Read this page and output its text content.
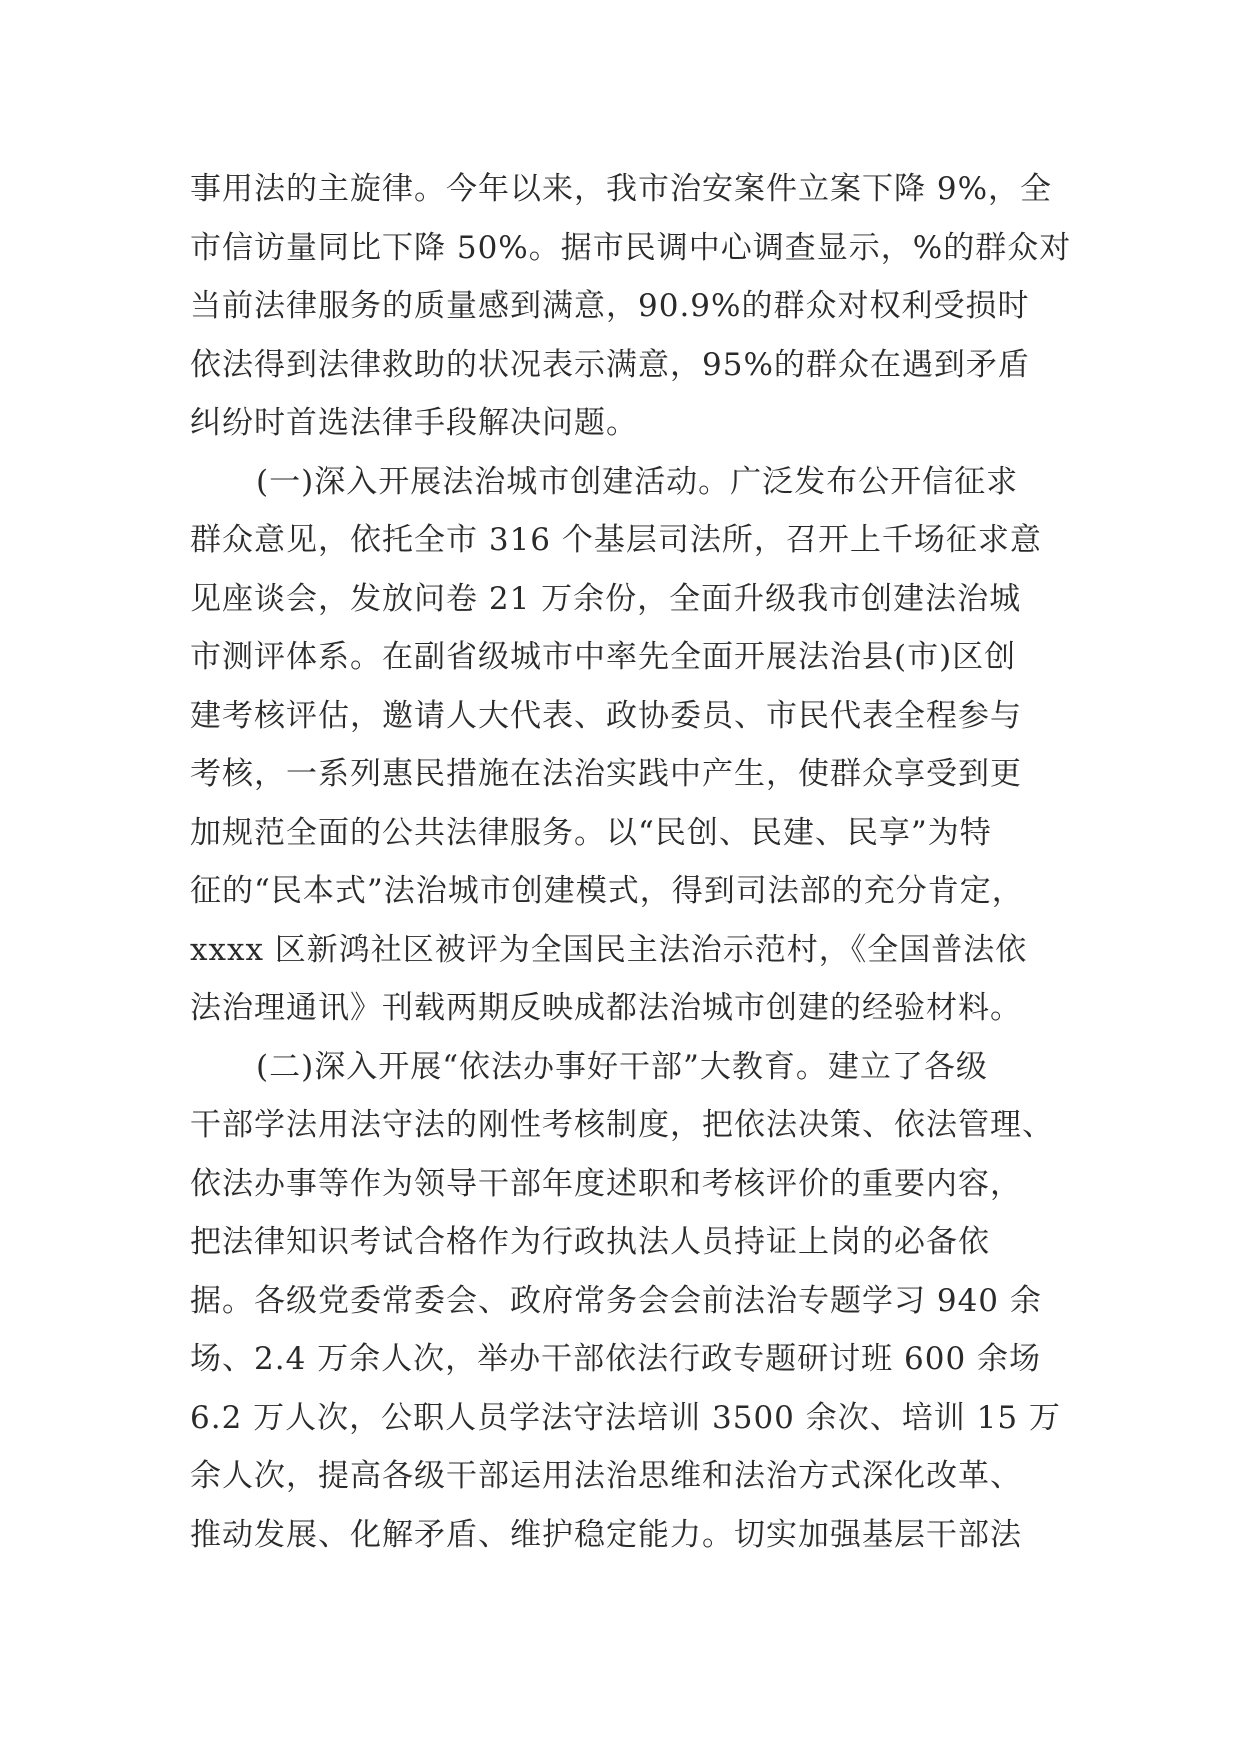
事用法的主旋律。今年以来，我市治安案件立案下降 9%，全
市信访量同比下降 50%。据市民调中心调查显示，%的群众对
当前法律服务的质量感到满意，90.9%的群众对权利受损时
依法得到法律救助的状况表示满意，95%的群众在遇到矛盾
纠纷时首选法律手段解决问题。
(一)深入开展法治城市创建活动。广泛发布公开信征求
群众意见，依托全市 316 个基层司法所，召开上千场征求意
见座谈会，发放问卷 21 万余份，全面升级我市创建法治城
市测评体系。在副省级城市中率先全面开展法治县(市)区创
建考核评估，邀请人大代表、政协委员、市民代表全程参与
考核，一系列惠民措施在法治实践中产生，使群众享受到更
加规范全面的公共法律服务。以“民创、民建、民享”为特
征的“民本式”法治城市创建模式，得到司法部的充分肯定，
xxxx 区新鸿社区被评为全国民主法治示范村，《全国普法依
法治理通讯》刊载两期反映成都法治城市创建的经验材料。
(二)深入开展“依法办事好干部”大教育。建立了各级
干部学法用法守法的刚性考核制度，把依法决策、依法管理、
依法办事等作为领导干部年度述职和考核评价的重要内容，
把法律知识考试合格作为行政执法人员持证上岗的必备依
据。各级党委常委会、政府常务会会前法治专题学习 940 余
场、2.4 万余人次，举办干部依法行政专题研讨班 600 余场
6.2 万人次，公职人员学法守法培训 3500 余次、培训 15 万
余人次，提高各级干部运用法治思维和法治方式深化改革、
推动发展、化解矛盾、维护稳定能力。切实加强基层干部法
